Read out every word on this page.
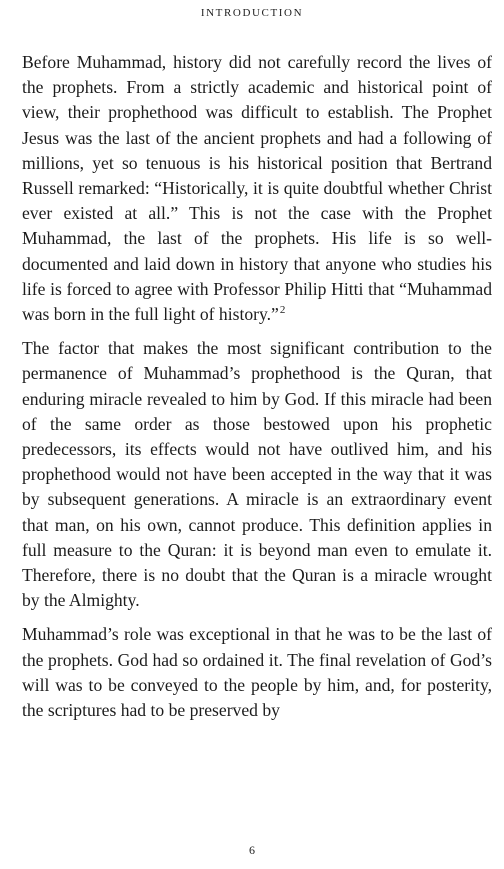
INTRODUCTION

Before Muhammad, history did not carefully record the lives of the prophets. From a strictly academic and historical point of view, their prophethood was difficult to establish. The Prophet Jesus was the last of the ancient prophets and had a following of millions, yet so tenuous is his historical position that Bertrand Russell remarked: “Historically, it is quite doubtful whether Christ ever existed at all.” This is not the case with the Prophet Muhammad, the last of the prophets. His life is so well-documented and laid down in history that anyone who studies his life is forced to agree with Professor Philip Hitti that “Muhammad was born in the full light of history.”$^2$

The factor that makes the most significant contribution to the permanence of Muhammad’s prophethood is the Quran, that enduring miracle revealed to him by God. If this miracle had been of the same order as those bestowed upon his prophetic predecessors, its effects would not have outlived him, and his prophethood would not have been accepted in the way that it was by subsequent generations. A miracle is an extraordinary event that man, on his own, cannot produce. This definition applies in full measure to the Quran: it is beyond man even to emulate it. Therefore, there is no doubt that the Quran is a miracle wrought by the Almighty.

Muhammad’s role was exceptional in that he was to be the last of the prophets. God had so ordained it. The final revelation of God’s will was to be conveyed to the people by him, and, for posterity, the scriptures had to be preserved by

6
